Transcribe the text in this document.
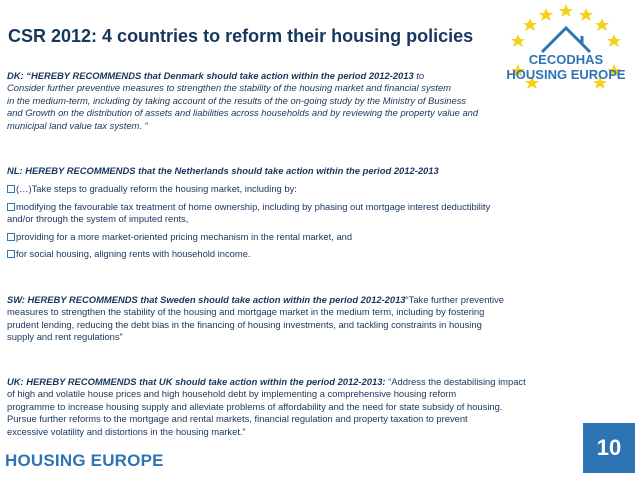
CSR 2012: 4 countries to reform their housing policies
CECODHAS
HOUSING EUROPE
DK: “HEREBY RECOMMENDS that Denmark should take action within the period 2012-2013 to
Consider further preventive measures to strengthen the stability of the housing market and financial system
in the medium-term, including by taking account of the results of the on-going study by the Ministry of Business
and Growth on the distribution of assets and liabilities across households and by reviewing the property value and
municipal land value tax system. “
NL: HEREBY RECOMMENDS that the Netherlands should take action within the period 2012-2013
(…)Take steps to gradually reform the housing market, including by:
modifying the favourable tax treatment of home ownership, including by phasing out mortgage interest deductibility
and/or through the system of imputed rents,
providing for a more market-oriented pricing mechanism in the rental market, and
for social housing, aligning rents with household income.
SW: HEREBY RECOMMENDS that Sweden should take action within the period 2012-2013“Take further preventive
measures to strengthen the stability of the housing and mortgage market in the medium term, including by fostering
prudent lending, reducing the debt bias in the financing of housing investments, and tackling constraints in housing
supply and rent regulations”
UK: HEREBY RECOMMENDS that UK should take action within the period 2012-2013: “Address the destabilising impact
of high and volatile house prices and high household debt by implementing a comprehensive housing reform
programme to increase housing supply and alleviate problems of affordability and the need for state subsidy of housing.
Pursue further reforms to the mortgage and rental markets, financial regulation and property taxation to prevent
excessive volatility and distortions in the housing market.”
HOUSING EUROPE
10
